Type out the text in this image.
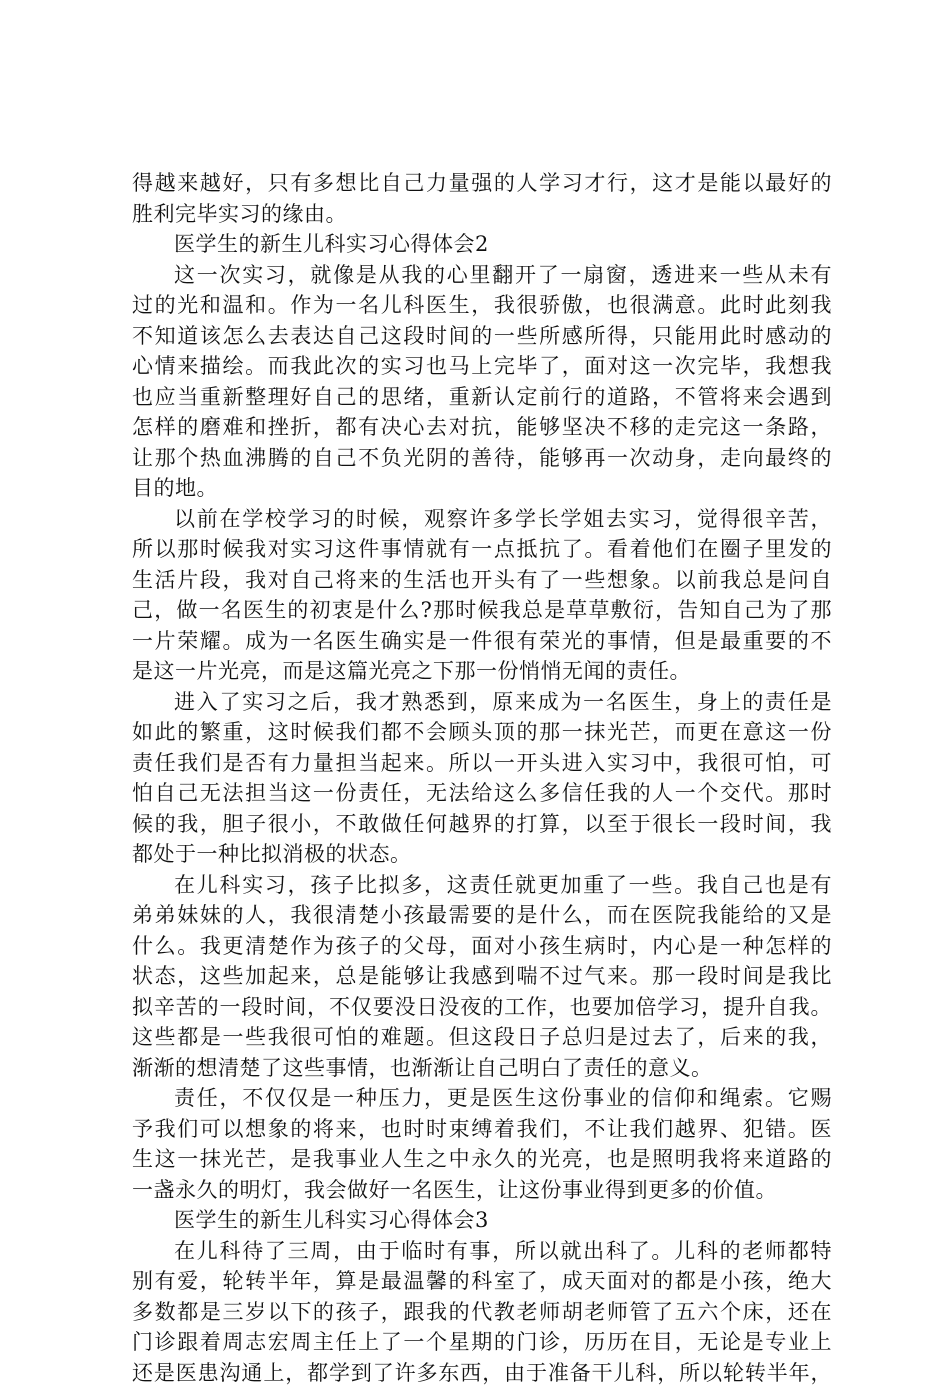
得越来越好，只有多想比自己力量强的人学习才行，这才是能以最好的
胜利完毕实习的缘由。
医学生的新生儿科实习心得体会2
这一次实习，就像是从我的心里翻开了一扇窗，透进来一些从未有
过的光和温和。作为一名儿科医生，我很骄傲，也很满意。此时此刻我
不知道该怎么去表达自己这段时间的一些所感所得，只能用此时感动的
心情来描绘。而我此次的实习也马上完毕了，面对这一次完毕，我想我
也应当重新整理好自己的思绪，重新认定前行的道路，不管将来会遇到
怎样的磨难和挫折，都有决心去对抗，能够坚决不移的走完这一条路，
让那个热血沸腾的自己不负光阴的善待，能够再一次动身，走向最终的
目的地。
以前在学校学习的时候，观察许多学长学姐去实习，觉得很辛苦，
所以那时候我对实习这件事情就有一点抵抗了。看着他们在圈子里发的
生活片段，我对自己将来的生活也开头有了一些想象。以前我总是问自
己，做一名医生的初衷是什么?那时候我总是草草敷衍，告知自己为了那
一片荣耀。成为一名医生确实是一件很有荣光的事情，但是最重要的不
是这一片光亮，而是这篇光亮之下那一份悄悄无闻的责任。
进入了实习之后，我才熟悉到，原来成为一名医生，身上的责任是
如此的繁重，这时候我们都不会顾头顶的那一抹光芒，而更在意这一份
责任我们是否有力量担当起来。所以一开头进入实习中，我很可怕，可
怕自己无法担当这一份责任，无法给这么多信任我的人一个交代。那时
候的我，胆子很小，不敢做任何越界的打算，以至于很长一段时间，我
都处于一种比拟消极的状态。
在儿科实习，孩子比拟多，这责任就更加重了一些。我自己也是有
弟弟妹妹的人，我很清楚小孩最需要的是什么，而在医院我能给的又是
什么。我更清楚作为孩子的父母，面对小孩生病时，内心是一种怎样的
状态，这些加起来，总是能够让我感到喘不过气来。那一段时间是我比
拟辛苦的一段时间，不仅要没日没夜的工作，也要加倍学习，提升自我。
这些都是一些我很可怕的难题。但这段日子总归是过去了，后来的我，
渐渐的想清楚了这些事情，也渐渐让自己明白了责任的意义。
责任，不仅仅是一种压力，更是医生这份事业的信仰和绳索。它赐
予我们可以想象的将来，也时时束缚着我们，不让我们越界、犯错。医
生这一抹光芒，是我事业人生之中永久的光亮，也是照明我将来道路的
一盏永久的明灯，我会做好一名医生，让这份事业得到更多的价值。
医学生的新生儿科实习心得体会3
在儿科待了三周，由于临时有事，所以就出科了。儿科的老师都特
别有爱，轮转半年，算是最温馨的科室了，成天面对的都是小孩，绝大
多数都是三岁以下的孩子，跟我的代教老师胡老师管了五六个床，还在
门诊跟着周志宏周主任上了一个星期的门诊，历历在目，无论是专业上
还是医患沟通上，都学到了许多东西，由于准备干儿科，所以轮转半年，
